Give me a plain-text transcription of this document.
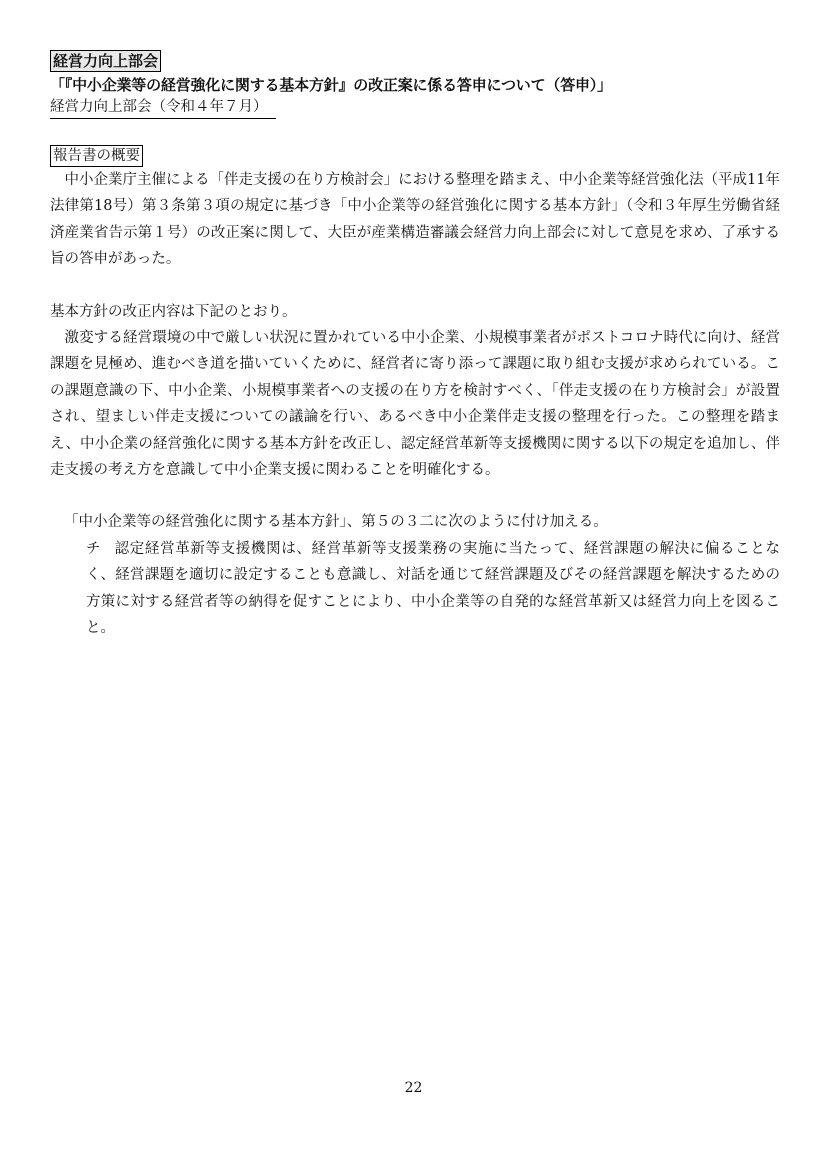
経営力向上部会
「『中小企業等の経営強化に関する基本方針』の改正案に係る答申について（答申）」
経営力向上部会（令和４年７月）
報告書の概要

中小企業庁主催による「伴走支援の在り方検討会」における整理を踏まえ、中小企業等経営強化法（平成11年法律第18号）第３条第３項の規定に基づき「中小企業等の経営強化に関する基本方針」（令和３年厚生労働省経済産業省告示第１号）の改正案に関して、大臣が産業構造審議会経営力向上部会に対して意見を求め、了承する旨の答申があった。

基本方針の改正内容は下記のとおり。

激変する経営環境の中で厳しい状況に置かれている中小企業、小規模事業者がポストコロナ時代に向け、経営課題を見極め、進むべき道を描いていくために、経営者に寄り添って課題に取り組む支援が求められている。この課題意識の下、中小企業、小規模事業者への支援の在り方を検討すべく、「伴走支援の在り方検討会」が設置され、望ましい伴走支援についての議論を行い、あるべき中小企業伴走支援の整理を行った。この整理を踏まえ、中小企業の経営強化に関する基本方針を改正し、認定経営革新等支援機関に関する以下の規定を追加し、伴走支援の考え方を意識して中小企業支援に関わることを明確化する。

「中小企業等の経営強化に関する基本方針」、第５の３二に次のように付け加える。

チ 認定経営革新等支援機関は、経営革新等支援業務の実施に当たって、経営課題の解決に偏ることなく、経営課題を適切に設定することも意識し、対話を通じて経営課題及びその経営課題を解決するための方策に対する経営者等の納得を促すことにより、中小企業等の自発的な経営革新又は経営力向上を図ること。

22
